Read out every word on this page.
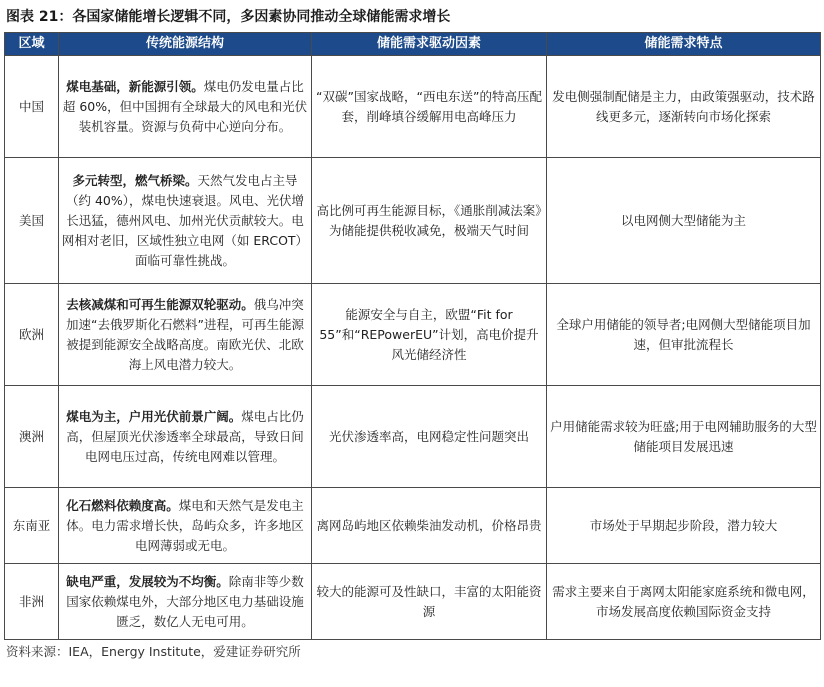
图表 21：各国家储能增长逻辑不同，多因素协同推动全球储能需求增长
区域	传统能源结构	储能需求驱动因素	储能需求特点
中国	煤电基础，新能源引领。煤电仍发电量占比超 60%，但中国拥有全球最大的风电和光伏装机容量。资源与负荷中心逆向分布。	“双碳”国家战略，“西电东送”的特高压配套，削峰填谷缓解用电高峰压力	发电侧强制配储是主力，由政策强驱动，技术路线更多元，逐渐转向市场化探索
美国	多元转型，燃气桥梁。天然气发电占主导（约 40%），煤电快速衰退。风电、光伏增长迅猛，德州风电、加州光伏贡献较大。电网相对老旧，区域性独立电网（如 ERCOT）面临可靠性挑战。	高比例可再生能源目标，《通胀削减法案》为储能提供税收减免，极端天气时间	以电网侧大型储能为主
欧洲	去核减煤和可再生能源双轮驱动。俄乌冲突加速“去俄罗斯化石燃料”进程，可再生能源被提到能源安全战略高度。南欧光伏、北欧海上风电潜力较大。	能源安全与自主，欧盟“Fit for 55”和“REPowerEU”计划，高电价提升风光储经济性	全球户用储能的领导者;电网侧大型储能项目加速，但审批流程长
澳洲	煤电为主，户用光伏前景广阔。煤电占比仍高，但屋顶光伏渗透率全球最高，导致日间电网电压过高，传统电网难以管理。	光伏渗透率高，电网稳定性问题突出	户用储能需求较为旺盛;用于电网辅助服务的大型储能项目发展迅速
东南亚	化石燃料依赖度高。煤电和天然气是发电主体。电力需求增长快，岛屿众多，许多地区电网薄弱或无电。	离网岛屿地区依赖柴油发动机，价格昂贵	市场处于早期起步阶段，潜力较大
非洲	缺电严重，发展较为不均衡。除南非等少数国家依赖煤电外，大部分地区电力基础设施匮乏，数亿人无电可用。	较大的能源可及性缺口，丰富的太阳能资源	需求主要来自于离网太阳能家庭系统和微电网，市场发展高度依赖国际资金支持
资料来源：IEA，Energy Institute，爱建证券研究所
